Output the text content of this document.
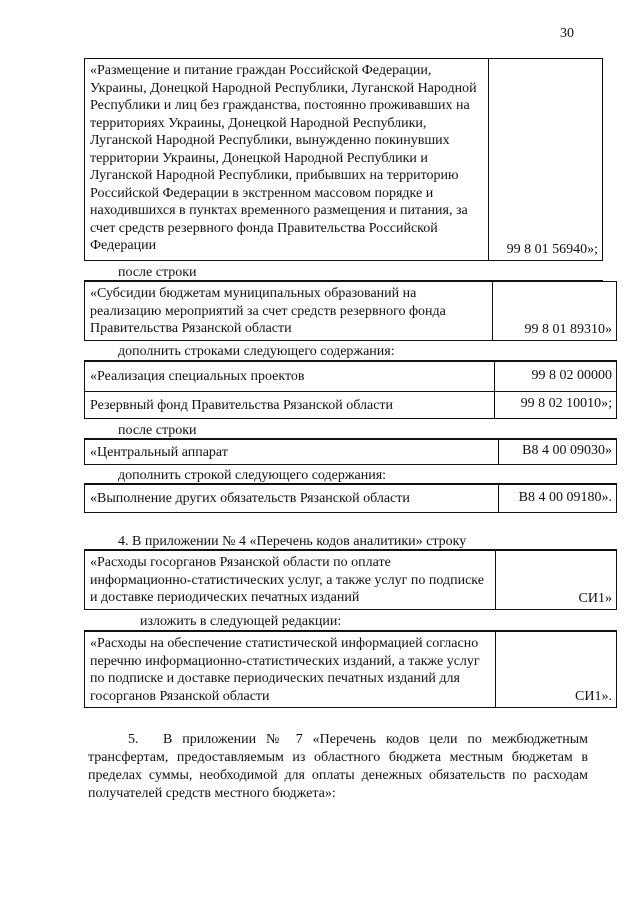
30
«Размещение и питание граждан Российской Федерации, Украины, Донецкой Народной Республики, Луганской Народной Республики и лиц без гражданства, постоянно проживавших на территориях Украины, Донецкой Народной Республики, Луганской Народной Республики, вынужденно покинувших территории Украины, Донецкой Народной Республики и Луганской Народной Республики, прибывших на территорию Российской Федерации в экстренном массовом порядке и находившихся в пунктах временного размещения и питания, за счет средств резервного фонда Правительства Российской Федерации	99 8 01 56940»;
после строки
«Субсидии бюджетам муниципальных образований на реализацию мероприятий за счет средств резервного фонда Правительства Рязанской области	99 8 01 89310»
дополнить строками следующего содержания:
«Реализация специальных проектов	99 8 02 00000
Резервный фонд Правительства Рязанской области	99 8 02 10010»;
после строки
«Центральный аппарат	В8 4 00 09030»
дополнить строкой следующего содержания:
«Выполнение других обязательств Рязанской области	В8 4 00 09180».
4. В приложении № 4 «Перечень кодов аналитики» строку
«Расходы госорганов Рязанской области по оплате информационно-статистических услуг, а также услуг по подписке и доставке периодических печатных изданий	СИ1»
изложить в следующей редакции:
«Расходы на обеспечение статистической информацией согласно перечню информационно-статистических изданий, а также услуг по подписке и доставке периодических печатных изданий для госорганов Рязанской области	СИ1».
5.	В приложении № 7 «Перечень кодов цели по межбюджетным трансфертам, предоставляемым из областного бюджета местным бюджетам в пределах суммы, необходимой для оплаты денежных обязательств по расходам получателей средств местного бюджета»:
